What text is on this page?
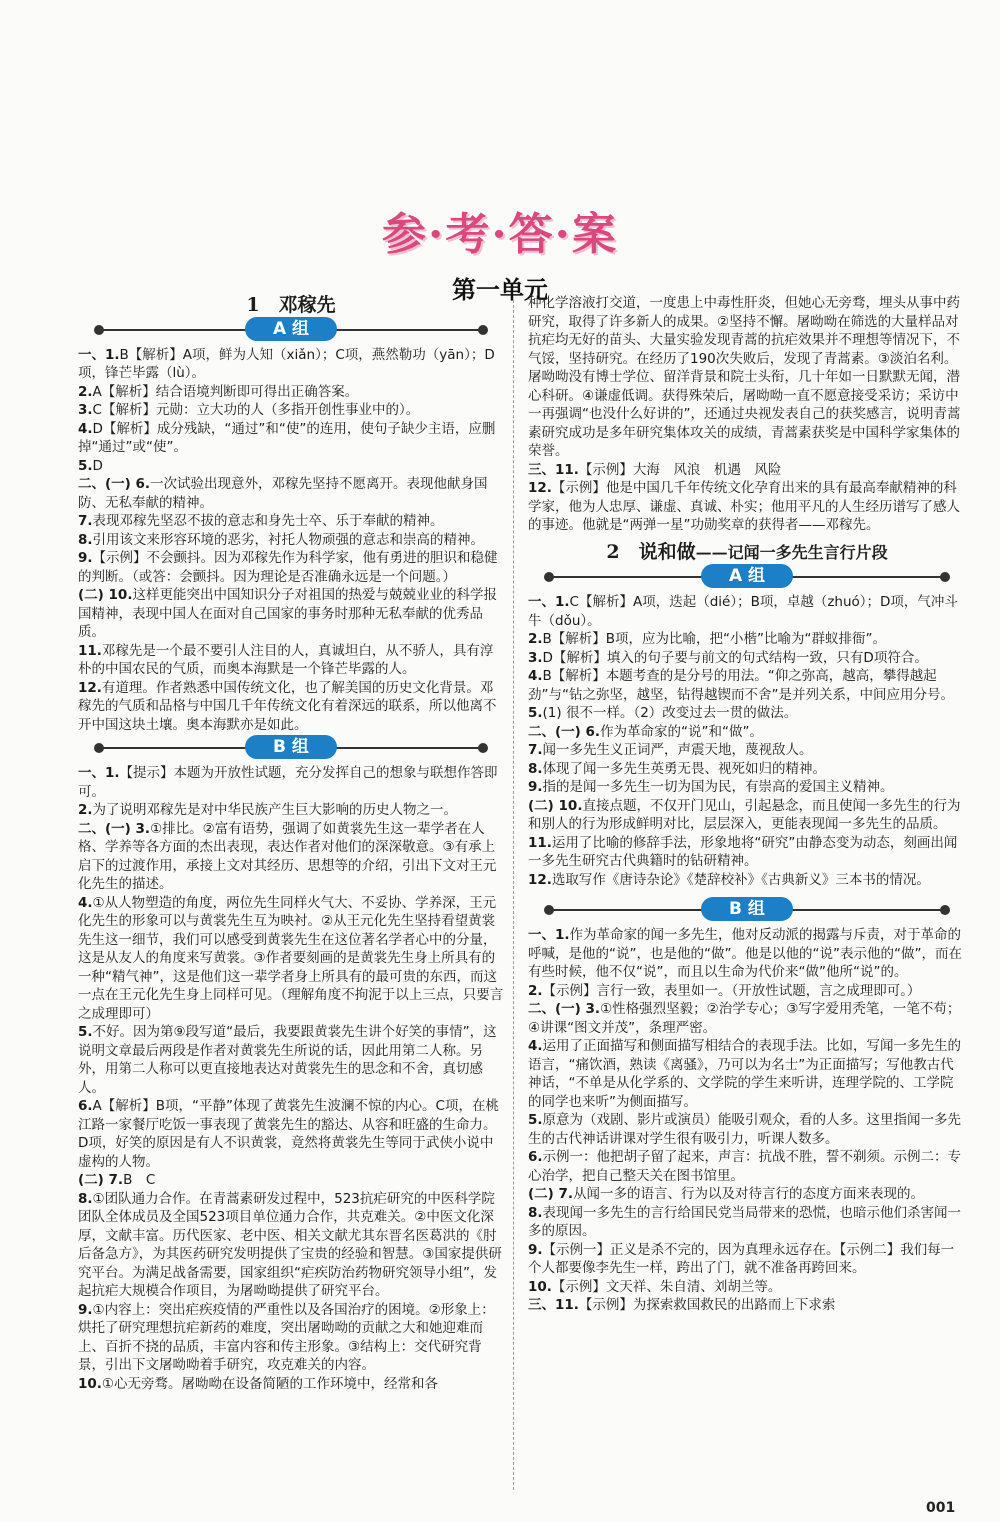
参·考·答·案
第一单元
1　邓稼先
A 组

一、1.B【解析】A项，鲜为人知（xiǎn）；C项，燕然勒功（yān）；D项，锋芒毕露（lù）。

2.A【解析】结合语境判断即可得出正确答案。

3.C【解析】元勋：立大功的人（多指开创性事业中的）。

4.D【解析】成分残缺，“通过”和“使”的连用，使句子缺少主语，应删掉“通过”或“使”。

5.D

二、(一) 6.一次试验出现意外，邓稼先坚持不愿离开。表现他献身国防、无私奉献的精神。

7.表现邓稼先坚忍不拔的意志和身先士卒、乐于奉献的精神。

8.引用该文来形容环境的恶劣，衬托人物顽强的意志和崇高的精神。

9.【示例】不会颤抖。因为邓稼先作为科学家，他有勇进的胆识和稳健的判断。（或答：会颤抖。因为理论是否准确永远是一个问题。）

(二) 10.这样更能突出中国知识分子对祖国的热爱与兢兢业业的科学报国精神，表现中国人在面对自己国家的事务时那种无私奉献的优秀品质。

11.邓稼先是一个最不要引人注目的人，真诚坦白，从不骄人，具有淳朴的中国农民的气质，而奥本海默是一个锋芒毕露的人。

12.有道理。作者熟悉中国传统文化，也了解美国的历史文化背景。邓稼先的气质和品格与中国几千年传统文化有着深远的联系，所以他离不开中国这块土壤。奥本海默亦是如此。

B 组

一、1.【提示】本题为开放性试题，充分发挥自己的想象与联想作答即可。

2.为了说明邓稼先是对中华民族产生巨大影响的历史人物之一。

二、(一) 3.①排比。②富有语势，强调了如黄裳先生这一辈学者在人格、学养等各方面的杰出表现，表达作者对他们的深深敬意。③有承上启下的过渡作用，承接上文对其经历、思想等的介绍，引出下文对王元化先生的描述。

4.①从人物塑造的角度，两位先生同样火气大、不妥协、学养深，王元化先生的形象可以与黄裳先生互为映衬。②从王元化先生坚持看望黄裳先生这一细节，我们可以感受到黄裳先生在这位著名学者心中的分量，这是从友人的角度来写黄裳。③作者要刻画的是黄裳先生身上所具有的一种“精气神”，这是他们这一辈学者身上所具有的最可贵的东西，而这一点在王元化先生身上同样可见。（理解角度不拘泥于以上三点，只要言之成理即可）

5.不好。因为第⑨段写道“最后，我要跟黄裳先生讲个好笑的事情”，这说明文章最后两段是作者对黄裳先生所说的话，因此用第二人称。另外，用第二人称可以更直接地表达对黄裳先生的思念和不舍，真切感人。

6.A【解析】B项，“平静”体现了黄裳先生波澜不惊的内心。C项，在桃江路一家餐厅吃饭一事表现了黄裳先生的豁达、从容和旺盛的生命力。D项，好笑的原因是有人不识黄裳，竟然将黄裳先生等同于武侠小说中虚构的人物。

(二) 7.B　C

8.①团队通力合作。在青蒿素研发过程中，523抗疟研究的中医科学院团队全体成员及全国523项目单位通力合作，共克难关。②中医文化深厚，文献丰富。历代医家、老中医、相关文献尤其东晋名医葛洪的《肘后备急方》，为其医药研究发明提供了宝贵的经验和智慧。③国家提供研究平台。为满足战备需要，国家组织“疟疾防治药物研究领导小组”，发起抗疟大规模合作项目，为屠呦呦提供了研究平台。

9.①内容上：突出疟疾疫情的严重性以及各国治疗的困境。②形象上：烘托了研究理想抗疟新药的难度，突出屠呦呦的贡献之大和她迎难而上、百折不挠的品质，丰富内容和传主形象。③结构上：交代研究背景，引出下文屠呦呦着手研究，攻克难关的内容。

10.①心无旁骛。屠呦呦在设备简陋的工作环境中，经常和各

种化学溶液打交道，一度患上中毒性肝炎，但她心无旁骛，埋头从事中药研究，取得了许多新人的成果。②坚持不懈。屠呦呦在筛选的大量样品对抗疟均无好的苗头、大量实验发现青蒿的抗疟效果并不理想等情况下，不气馁，坚持研究。在经历了190次失败后，发现了青蒿素。③淡泊名利。屠呦呦没有博士学位、留洋背景和院士头衔，几十年如一日默默无闻，潜心科研。④谦虚低调。获得殊荣后，屠呦呦一直不愿意接受采访；采访中一再强调“也没什么好讲的”，还通过央视发表自己的获奖感言，说明青蒿素研究成功是多年研究集体攻关的成绩，青蒿素获奖是中国科学家集体的荣誉。

三、11.【示例】大海　风浪　机遇　风险

12.【示例】他是中国几千年传统文化孕育出来的具有最高奉献精神的科学家，他为人忠厚、谦虚、真诚、朴实；他用平凡的人生经历谱写了感人的事迹。他就是“两弹一星”功勋奖章的获得者——邓稼先。

2　说和做——记闻一多先生言行片段
A 组

一、1.C【解析】A项，迭起（dié）；B项，卓越（zhuó）；D项，气冲斗牛（dǒu）。

2.B【解析】B项，应为比喻，把“小楷”比喻为“群蚁排衙”。

3.D【解析】填入的句子要与前文的句式结构一致，只有D项符合。

4.B【解析】本题考查的是分号的用法。“仰之弥高，越高，攀得越起劲”与“钻之弥坚，越坚，钻得越锲而不舍”是并列关系，中间应用分号。

5.(1) 很不一样。（2）改变过去一贯的做法。

二、(一) 6.作为革命家的“说”和“做”。

7.闻一多先生义正词严，声震天地，蔑视敌人。

8.体现了闻一多先生英勇无畏、视死如归的精神。

9.指的是闻一多先生一切为国为民，有崇高的爱国主义精神。

(二) 10.直接点题，不仅开门见山，引起悬念，而且使闻一多先生的行为和别人的行为形成鲜明对比，层层深入，更能表现闻一多先生的品质。

11.运用了比喻的修辞手法，形象地将“研究”由静态变为动态，刻画出闻一多先生研究古代典籍时的钻研精神。

12.选取写作《唐诗杂论》《楚辞校补》《古典新义》三本书的情况。

B 组

一、1.作为革命家的闻一多先生，他对反动派的揭露与斥责，对于革命的呼喊，是他的“说”，也是他的“做”。他是以他的“说”表示他的“做”，而在有些时候，他不仅“说”，而且以生命为代价来“做”他所“说”的。

2.【示例】言行一致，表里如一。（开放性试题，言之成理即可。）

二、(一) 3.①性格强烈坚毅；②治学专心；③写字爱用秃笔，一笔不苟；④讲课“图文并茂”，条理严密。

4.运用了正面描写和侧面描写相结合的表现手法。比如，写闻一多先生的语言，“痛饮酒，熟读《离骚》，乃可以为名士”为正面描写；写他教古代神话，“不单是从化学系的、文学院的学生来听讲，连理学院的、工学院的同学也来听”为侧面描写。

5.原意为（戏剧、影片或演员）能吸引观众，看的人多。这里指闻一多先生的古代神话讲课对学生很有吸引力，听课人数多。

6.示例一：他把胡子留了起来，声言：抗战不胜，誓不剃须。示例二：专心治学，把自己整天关在图书馆里。

(二) 7.从闻一多的语言、行为以及对待言行的态度方面来表现的。

8.表现闻一多先生的言行给国民党当局带来的恐慌，也暗示他们杀害闻一多的原因。

9.【示例一】正义是杀不完的，因为真理永远存在。【示例二】我们每一个人都要像李先生一样，跨出了门，就不准备再跨回来。

10.【示例】文天祥、朱自清、刘胡兰等。

三、11.【示例】为探索救国救民的出路而上下求索

001
